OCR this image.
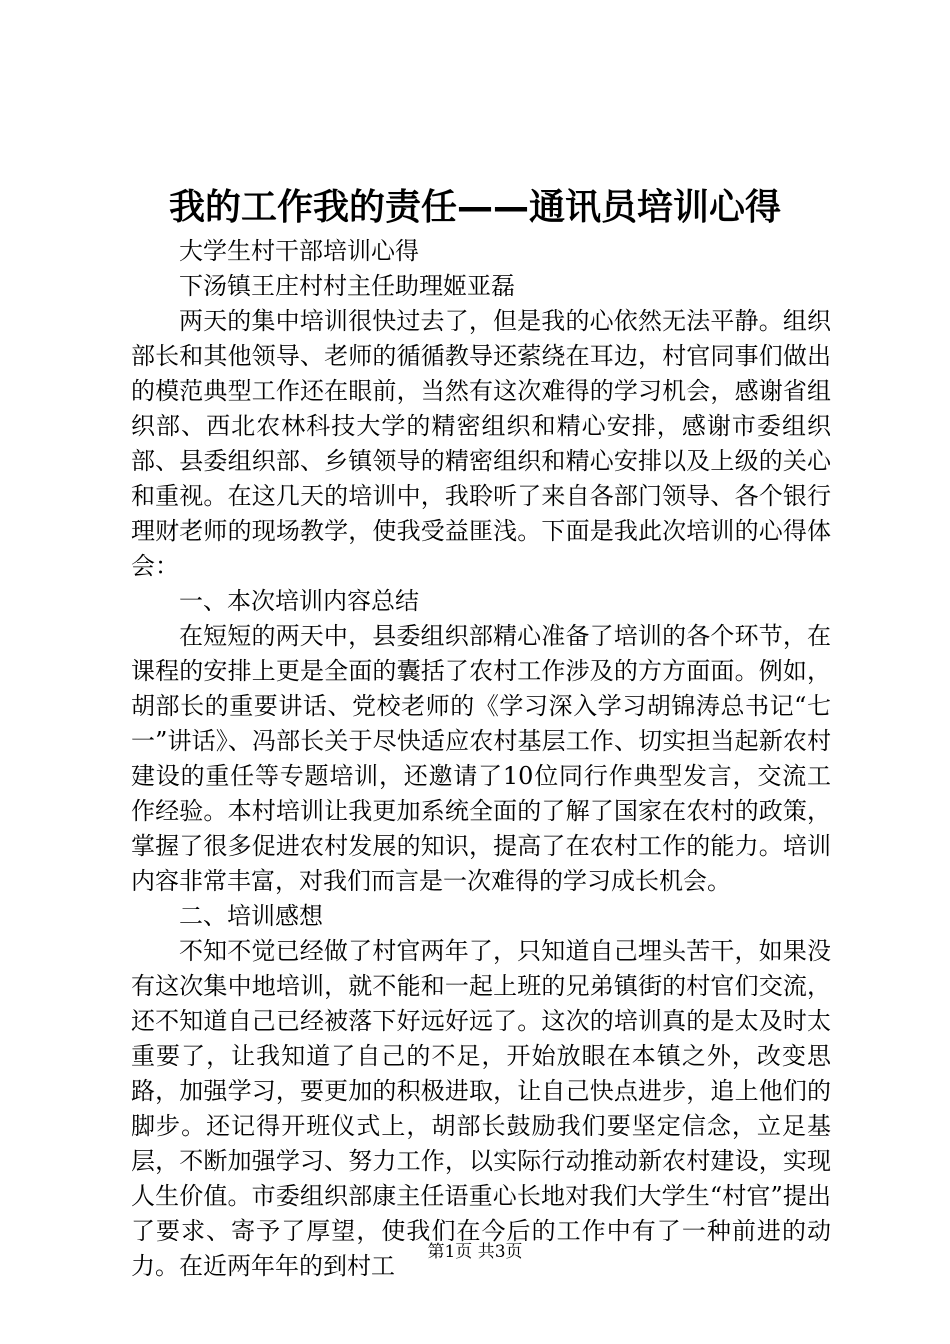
我的工作我的责任——通讯员培训心得

大学生村干部培训心得

下汤镇王庄村村主任助理姬亚磊

两天的集中培训很快过去了，但是我的心依然无法平静。组织部长和其他领导、老师的循循教导还萦绕在耳边，村官同事们做出的模范典型工作还在眼前，当然有这次难得的学习机会，感谢省组织部、西北农林科技大学的精密组织和精心安排，感谢市委组织部、县委组织部、乡镇领导的精密组织和精心安排以及上级的关心和重视。在这几天的培训中，我聆听了来自各部门领导、各个银行理财老师的现场教学，使我受益匪浅。下面是我此次培训的心得体会：

一、本次培训内容总结

在短短的两天中，县委组织部精心准备了培训的各个环节，在课程的安排上更是全面的囊括了农村工作涉及的方方面面。例如，胡部长的重要讲话、党校老师的《学习深入学习胡锦涛总书记“七一”讲话》、冯部长关于尽快适应农村基层工作、切实担当起新农村建设的重任等专题培训，还邀请了10位同行作典型发言，交流工作经验。本村培训让我更加系统全面的了解了国家在农村的政策，掌握了很多促进农村发展的知识，提高了在农村工作的能力。培训内容非常丰富，对我们而言是一次难得的学习成长机会。

二、培训感想

不知不觉已经做了村官两年了，只知道自己埋头苦干，如果没有这次集中地培训，就不能和一起上班的兄弟镇街的村官们交流，还不知道自己已经被落下好远好远了。这次的培训真的是太及时太重要了，让我知道了自己的不足，开始放眼在本镇之外，改变思路，加强学习，要更加的积极进取，让自己快点进步，追上他们的脚步。还记得开班仪式上，胡部长鼓励我们要坚定信念，立足基层，不断加强学习、努力工作，以实际行动推动新农村建设，实现人生价值。市委组织部康主任语重心长地对我们大学生“村官”提出了要求、寄予了厚望，使我们在今后的工作中有了一种前进的动力。在近两年年的到村工	第1页 共3页
